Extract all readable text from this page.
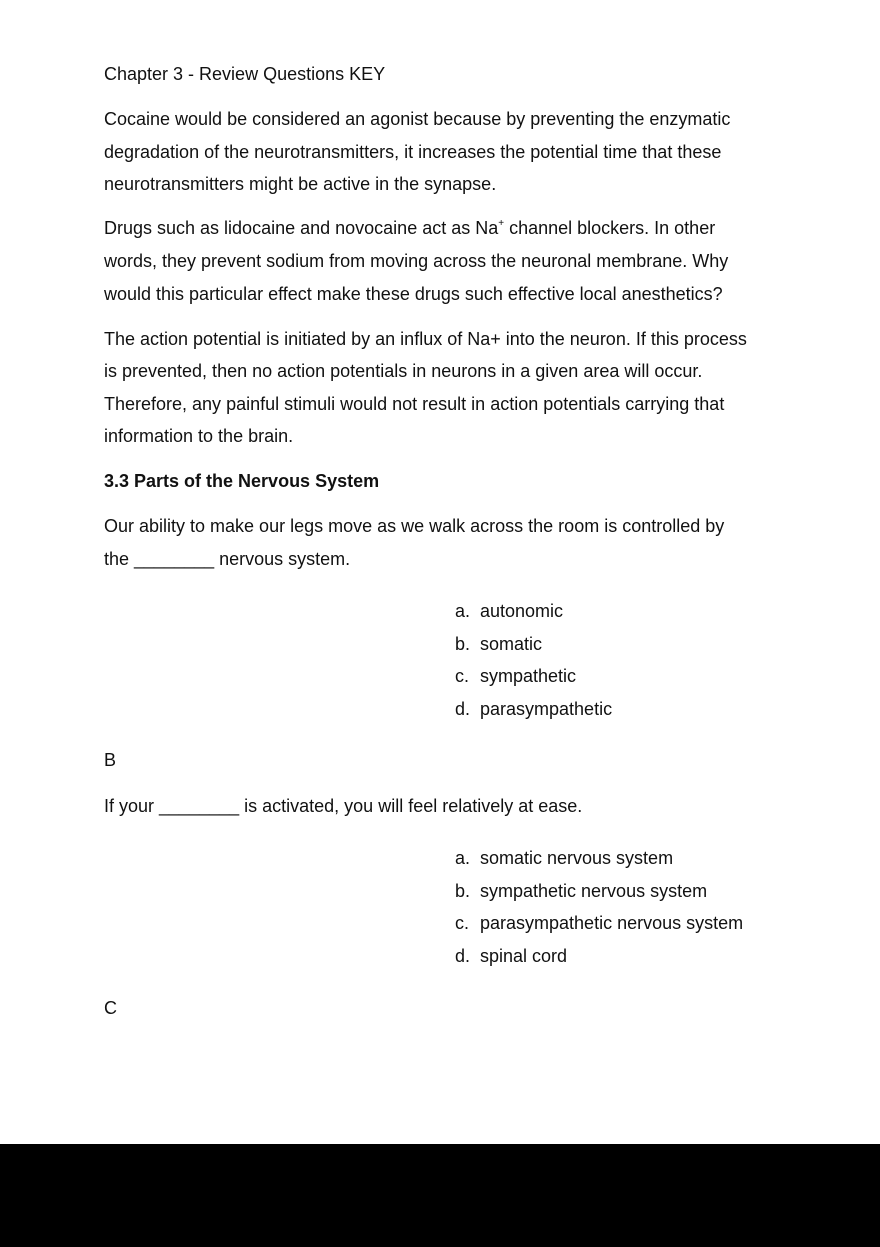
Chapter 3 - Review Questions KEY

Cocaine would be considered an agonist because by preventing the enzymatic

degradation of the neurotransmitters, it increases the potential time that these

neurotransmitters might be active in the synapse.

Drugs such as lidocaine and novocaine act as Na+ channel blockers. In other

words, they prevent sodium from moving across the neuronal membrane. Why

would this particular effect make these drugs such effective local anesthetics?

The action potential is initiated by an influx of Na+ into the neuron. If this process

is prevented, then no action potentials in neurons in a given area will occur.

Therefore, any painful stimuli would not result in action potentials carrying that

information to the brain.

3.3 Parts of the Nervous System

Our ability to make our legs move as we walk across the room is controlled by

the ________ nervous system.

a. autonomic
b. somatic
c. sympathetic
d. parasympathetic

B

If your ________ is activated, you will feel relatively at ease.

a. somatic nervous system
b. sympathetic nervous system
c. parasympathetic nervous system
d. spinal cord

C
